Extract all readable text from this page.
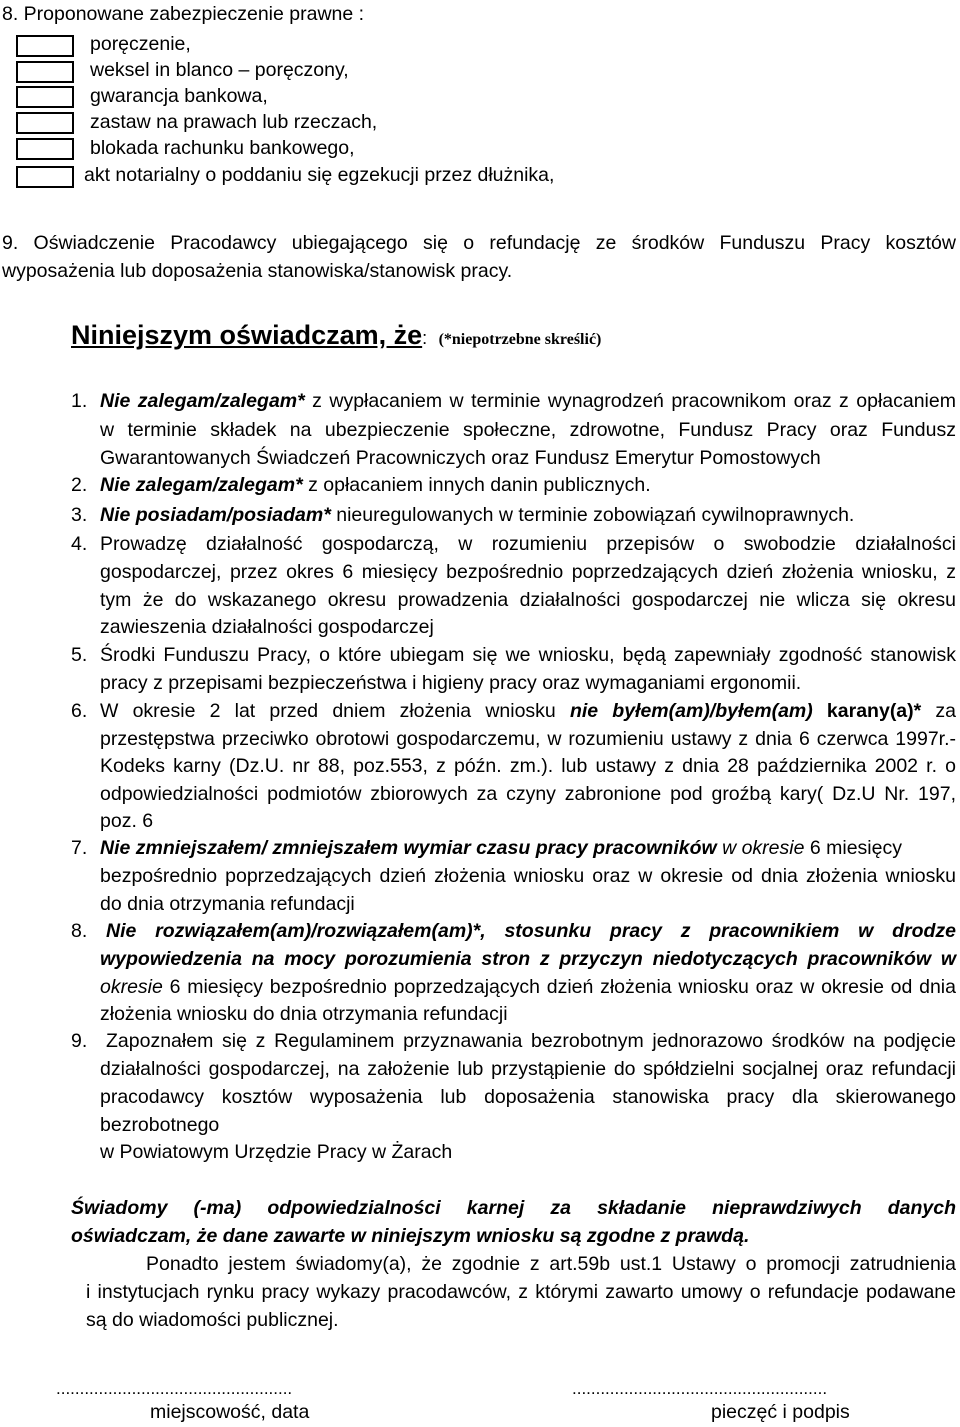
8. Proponowane zabezpieczenie prawne :
poręczenie,
weksel in blanco – poręczony,
gwarancja bankowa,
zastaw na prawach lub rzeczach,
blokada rachunku bankowego,
akt notarialny o poddaniu się egzekucji przez dłużnika,
9. Oświadczenie Pracodawcy ubiegającego się o refundację ze środków Funduszu Pracy kosztów
wyposażenia lub doposażenia stanowiska/stanowisk pracy.
Niniejszym oświadczam, że: (*niepotrzebne skreślić)
1. Nie zalegam/zalegam* z wypłacaniem w terminie wynagrodzeń pracownikom oraz z opłacaniem
w terminie składek na ubezpieczenie społeczne, zdrowotne, Fundusz Pracy oraz Fundusz
Gwarantowanych Świadczeń Pracowniczych oraz Fundusz Emerytur Pomostowych
2. Nie zalegam/zalegam* z opłacaniem innych danin publicznych.
3. Nie posiadam/posiadam* nieuregulowanych w terminie zobowiązań cywilnoprawnych.
4. Prowadzę działalność gospodarczą, w rozumieniu przepisów o swobodzie działalności
gospodarczej, przez okres 6 miesięcy bezpośrednio poprzedzających dzień złożenia wniosku, z
tym że do wskazanego okresu prowadzenia działalności gospodarczej nie wlicza się okresu
zawieszenia działalności gospodarczej
5. Środki Funduszu Pracy, o które ubiegam się we wniosku, będą zapewniały zgodność stanowisk
pracy z przepisami bezpieczeństwa i higieny pracy oraz wymaganiami ergonomii.
6. W okresie 2 lat przed dniem złożenia wniosku nie byłem(am)/byłem(am) karany(a)* za
przestępstwa przeciwko obrotowi gospodarczemu, w rozumieniu ustawy z dnia 6 czerwca 1997r.-
Kodeks karny (Dz.U. nr 88, poz.553, z późn. zm.). lub ustawy z dnia 28 października 2002 r. o
odpowiedzialności podmiotów zbiorowych za czyny zabronione pod groźbą kary( Dz.U Nr. 197,
poz. 6
7. Nie zmniejszałem/ zmniejszałem wymiar czasu pracy pracowników w okresie 6 miesięcy
bezpośrednio poprzedzających dzień złożenia wniosku oraz w okresie od dnia złożenia wniosku
do dnia otrzymania refundacji
8. Nie rozwiązałem(am)/rozwiązałem(am)*, stosunku pracy z pracownikiem w drodze
wypowiedzenia na mocy porozumienia stron z przyczyn niedotyczących pracowników w
okresie 6 miesięcy bezpośrednio poprzedzających dzień złożenia wniosku oraz w okresie od dnia
złożenia wniosku do dnia otrzymania refundacji
9. Zapoznałem się z Regulaminem przyznawania bezrobotnym jednorazowo środków na podjęcie
działalności gospodarczej, na założenie lub przystąpienie do spółdzielni socjalnej oraz refundacji
pracodawcy kosztów wyposażenia lub doposażenia stanowiska pracy dla skierowanego
bezrobotnego
w Powiatowym Urzędzie Pracy w Żarach
Świadomy (-ma) odpowiedzialności karnej za składanie nieprawdziwych danych
oświadczam, że dane zawarte w niniejszym wniosku są zgodne z prawdą.
Ponadto jestem świadomy(a), że zgodnie z art.59b ust.1 Ustawy o promocji zatrudnienia
i instytucjach rynku pracy wykazy pracodawców, z którymi zawarto umowy o refundacje podawane
są do wiadomości publicznej.
..................................................	......................................................
miejscowość, data	pieczęć i podpis
